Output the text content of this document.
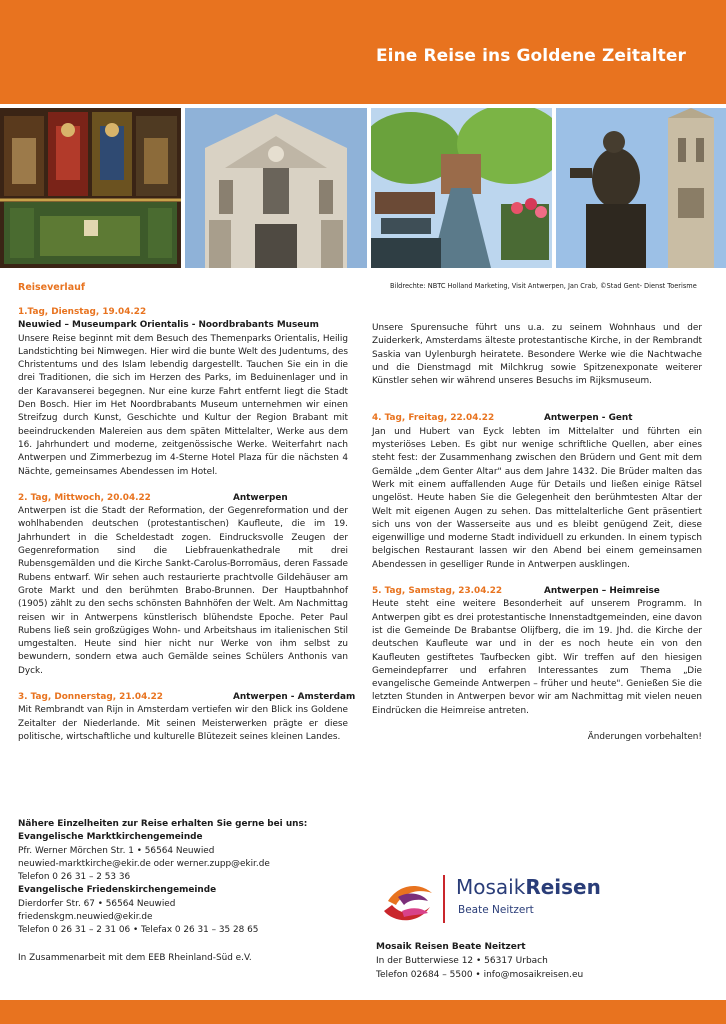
Eine Reise ins Goldene Zeitalter
Reiseverlauf	Bildrechte: NBTC Holland Marketing, Visit Antwerpen, Jan Crab, ©Stad Gent- Dienst Toerisme
1.Tag, Dienstag, 19.04.22
Neuwied – Museumpark Orientalis - Noordbrabants Museum
Unsere Reise beginnt mit dem Besuch des Themenparks Orientalis, Heilig Landstichting bei Nimwegen. Hier wird die bunte Welt des Judentums, des Christentums und des Islam lebendig dargestellt. Tauchen Sie ein in die drei Traditionen, die sich im Herzen des Parks, im Beduinenlager und in der Karavanserei begegnen. Nur eine kurze Fahrt entfernt liegt die Stadt Den Bosch. Hier im Het Noordbrabants Museum unternehmen wir einen Streifzug durch Kunst, Geschichte und Kultur der Region Brabant mit beeindruckenden Malereien aus dem späten Mittelalter, Werke aus dem 16. Jahrhundert und moderne, zeitgenössische Werke. Weiterfahrt nach Antwerpen und Zimmerbezug im 4-Sterne Hotel Plaza für die nächsten 4 Nächte, gemeinsames Abendessen im Hotel.
2. Tag, Mittwoch, 20.04.22	Antwerpen
Antwerpen ist die Stadt der Reformation, der Gegenreformation und der wohlhabenden deutschen (protestantischen) Kaufleute, die im 19. Jahrhundert in die Scheldestadt zogen. Eindrucksvolle Zeugen der Gegenreformation sind die Liebfrauenkathedrale mit drei Rubensgemälden und die Kirche Sankt-Carolus-Borromäus, deren Fassade Rubens entwarf. Wir sehen auch restaurierte prachtvolle Gildehäuser am Grote Markt und den berühmten Brabo-Brunnen. Der Hauptbahnhof (1905) zählt zu den sechs schönsten Bahnhöfen der Welt. Am Nachmittag reisen wir in Antwerpens künstlerisch blühendste Epoche. Peter Paul Rubens ließ sein großzügiges Wohn- und Arbeitshaus im italienischen Stil umgestalten. Heute sind hier nicht nur Werke von ihm selbst zu bewundern, sondern etwa auch Gemälde seines Schülers Anthonis van Dyck.
3. Tag, Donnerstag, 21.04.22	Antwerpen - Amsterdam
Mit Rembrandt van Rijn in Amsterdam vertiefen wir den Blick ins Goldene Zeitalter der Niederlande. Mit seinen Meisterwerken prägte er diese politische, wirtschaftliche und kulturelle Blütezeit seines kleinen Landes.
Unsere Spurensuche führt uns u.a. zu seinem Wohnhaus und der Zuiderkerk, Amsterdams älteste protestantische Kirche, in der Rembrandt Saskia van Uylenburgh heiratete. Besondere Werke wie die Nachtwache und die Dienstmagd mit Milchkrug sowie Spitzenexponate weiterer Künstler sehen wir während unseres Besuchs im Rijksmuseum.
4. Tag, Freitag, 22.04.22	Antwerpen - Gent
Jan und Hubert van Eyck lebten im Mittelalter und führten ein mysteriöses Leben. Es gibt nur wenige schriftliche Quellen, aber eines steht fest: der Zusammenhang zwischen den Brüdern und Gent mit dem Gemälde „dem Genter Altar" aus dem Jahre 1432. Die Brüder malten das Werk mit einem auffallenden Auge für Details und ließen einige Rätsel ungelöst. Heute haben Sie die Gelegenheit den berühmtesten Altar der Welt mit eigenen Augen zu sehen. Das mittelalterliche Gent präsentiert sich uns von der Wasserseite aus und es bleibt genügend Zeit, diese eigenwillige und moderne Stadt individuell zu erkunden. In einem typisch belgischen Restaurant lassen wir den Abend bei einem gemeinsamen Abendessen in geselliger Runde in Antwerpen ausklingen.
5. Tag, Samstag, 23.04.22	Antwerpen – Heimreise
Heute steht eine weitere Besonderheit auf unserem Programm. In Antwerpen gibt es drei protestantische Innenstadtgemeinden, eine davon ist die Gemeinde De Brabantse Olijfberg, die im 19. Jhd. die Kirche der deutschen Kaufleute war und in der es noch heute ein von den Kaufleuten gestiftetes Taufbecken gibt. Wir treffen auf den hiesigen Gemeindepfarrer und erfahren Interessantes zum Thema „Die evangelische Gemeinde Antwerpen – früher und heute". Genießen Sie die letzten Stunden in Antwerpen bevor wir am Nachmittag mit vielen neuen Eindrücken die Heimreise antreten.
Änderungen vorbehalten!
Nähere Einzelheiten zur Reise erhalten Sie gerne bei uns:
Evangelische Marktkirchengemeinde
Pfr. Werner Mörchen Str. 1 • 56564 Neuwied
neuwied-marktkirche@ekir.de oder werner.zupp@ekir.de
Telefon 0 26 31 – 2 53 36
Evangelische Friedenskirchengemeinde
Dierdorfer Str. 67 • 56564 Neuwied
friedenskgm.neuwied@ekir.de
Telefon 0 26 31 – 2 31 06 • Telefax 0 26 31 – 35 28 65
In Zusammenarbeit mit dem EEB Rheinland-Süd e.V.
MosaikReisen
Beate Neitzert
Mosaik Reisen Beate Neitzert
In der Butterwiese 12 • 56317 Urbach
Telefon 02684 – 5500 • info@mosaikreisen.eu
